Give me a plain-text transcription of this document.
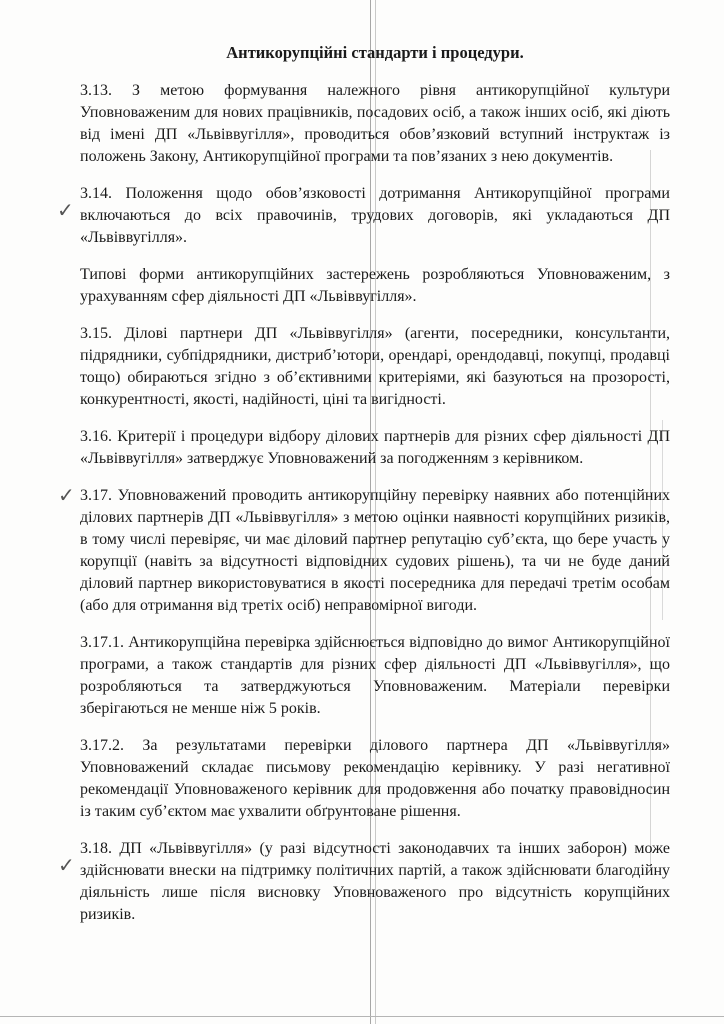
✓
✓
✓
Антикорупційні стандарти і процедури.

3.13. З метою формування належного рівня антикорупційної культури Уповноваженим для нових працівників, посадових осіб, а також інших осіб, які діють від імені ДП «Львіввугілля», проводиться обов’язковий вступний інструктаж із положень Закону, Антикорупційної програми та пов’язаних з нею документів.

3.14. Положення щодо обов’язковості дотримання Антикорупційної програми включаються до всіх правочинів, трудових договорів, які укладаються ДП «Львіввугілля».

Типові форми антикорупційних застережень розробляються Уповноваженим, з урахуванням сфер діяльності ДП «Львіввугілля».

3.15. Ділові партнери ДП «Львіввугілля» (агенти, посередники, консультанти, підрядники, субпідрядники, дистриб’ютори, орендарі, орендодавці, покупці, продавці тощо) обираються згідно з об’єктивними критеріями, які базуються на прозорості, конкурентності, якості, надійності, ціні та вигідності.

3.16. Критерії і процедури відбору ділових партнерів для різних сфер діяльності ДП «Львіввугілля» затверджує Уповноважений за погодженням з керівником.

3.17. Уповноважений проводить антикорупційну перевірку наявних або потенційних ділових партнерів ДП «Львіввугілля» з метою оцінки наявності корупційних ризиків, в тому числі перевіряє, чи має діловий партнер репутацію суб’єкта, що бере участь у корупції (навіть за відсутності відповідних судових рішень), та чи не буде даний діловий партнер використовуватися в якості посередника для передачі третім особам (або для отримання від третіх осіб) неправомірної вигоди.

3.17.1. Антикорупційна перевірка здійснюється відповідно до вимог Антикорупційної програми, а також стандартів для різних сфер діяльності ДП «Львіввугілля», що розробляються та затверджуються Уповноваженим. Матеріали перевірки зберігаються не менше ніж 5 років.

3.17.2. За результатами перевірки ділового партнера ДП «Львіввугілля» Уповноважений складає письмову рекомендацію керівнику. У разі негативної рекомендації Уповноваженого керівник для продовження або початку правовідносин із таким суб’єктом має ухвалити обґрунтоване рішення.

3.18. ДП «Львіввугілля» (у разі відсутності законодавчих та інших заборон) може здійснювати внески на підтримку політичних партій, а також здійснювати благодійну діяльність лише після висновку Уповноваженого про відсутність корупційних ризиків.
